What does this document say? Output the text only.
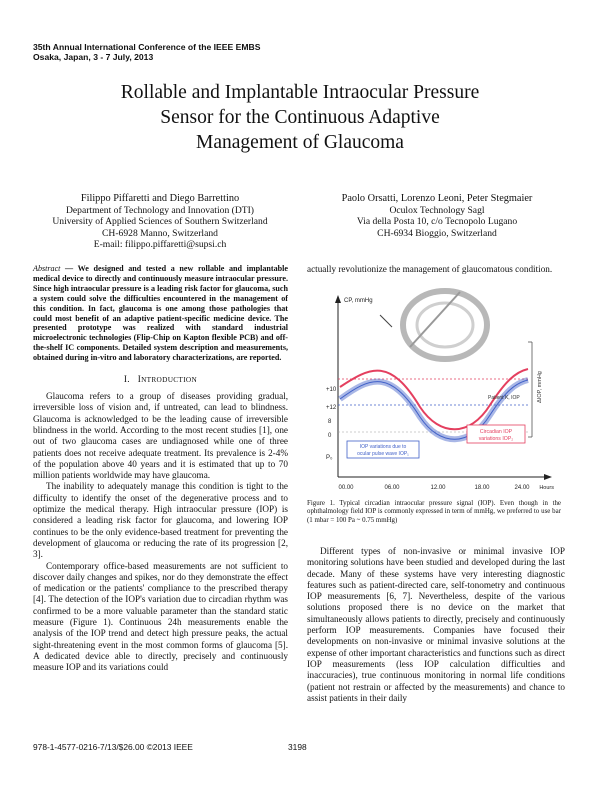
35th Annual International Conference of the IEEE EMBS
Osaka, Japan, 3 - 7 July, 2013
Rollable and Implantable Intraocular Pressure
Sensor for the Continuous Adaptive
Management of Glaucoma
Filippo Piffaretti and Diego Barrettino
Department of Technology and Innovation (DTI)
University of Applied Sciences of Southern Switzerland
CH-6928 Manno, Switzerland
E-mail: filippo.piffaretti@supsi.ch
Paolo Orsatti, Lorenzo Leoni, Peter Stegmaier
Oculox Technology Sagl
Via della Posta 10, c/o Tecnopolo Lugano
CH-6934 Bioggio, Switzerland
Abstract — We designed and tested a new rollable and implantable medical device to directly and continuously measure intraocular pressure. Since high intraocular pressure is a leading risk factor for glaucoma, such a system could solve the difficulties encountered in the management of this condition. In fact, glaucoma is one among those pathologies that could most benefit of an adaptive patient-specific medicine device. The presented prototype was realized with standard industrial microelectronic technologies (Flip-Chip on Kapton flexible PCB) and off-the-shelf IC components. Detailed system description and measurements, obtained during in-vitro and laboratory characterizations, are reported.
I. INTRODUCTION

Glaucoma refers to a group of diseases providing gradual, irreversible loss of vision and, if untreated, can lead to blindness. Glaucoma is acknowledged to be the leading cause of irreversible blindness in the world. According to the most recent studies [1], one out of two glaucoma cases are undiagnosed while one of three patients does not receive adequate treatment. Its prevalence is 2-4% of the population above 40 years and it is estimated that up to 70 million patients worldwide may have glaucoma.

The inability to adequately manage this condition is tight to the difficulty to identify the onset of the degenerative process and to optimize the medical therapy. High intraocular pressure (IOP) is considered a leading risk factor for glaucoma, and lowering IOP continues to be the only evidence-based treatment for preventing the development of glaucoma or reducing the rate of its progression [2, 3].

Contemporary office-based measurements are not sufficient to discover daily changes and spikes, nor do they demonstrate the effect of medication or the patients' compliance to the prescribed therapy [4]. The detection of the IOP's variation due to circadian rhythm was confirmed to be a more valuable parameter than the standard static measure (Figure 1). Continuous 24h measurements enable the analysis of the IOP trend and detect high pressure peaks, the actual sight-threatening event in the most common forms of glaucoma [5]. A dedicated device able to directly, precisely and continuously measure IOP and its variations could

actually revolutionize the management of glaucomatous condition.
CP, mmHg
ΔIOP, mmHg
+10
+12
8
0
P₀
Patient K, IOP
Circadian IOP
variations IOP₂
IOP variations due to
ocular pulse wave IOP₁
00.00	06.00	12.00	18.00	24.00 Hours
Figure 1. Typical circadian intraocular pressure signal (IOP). Even though in the ophthalmology field IOP is commonly expressed in term of mmHg, we preferred to use bar (1 mbar = 100 Pa ~ 0.75 mmHg)

Different types of non-invasive or minimal invasive IOP monitoring solutions have been studied and developed during the last decade. Many of these systems have very interesting diagnostic features such as patient-directed care, self-tonometry and continuous IOP measurements [6, 7]. Nevertheless, despite of the various solutions proposed there is no device on the market that simultaneously allows patients to directly, precisely and continuously perform IOP measurements. Companies have focused their developments on non-invasive or minimal invasive solutions at the expense of other important characteristics and functions such as direct IOP measurements (less IOP calculation difficulties and inaccuracies), true continuous monitoring in normal life conditions (patient not restrain or affected by the measurements) and chance to assist patients in their daily

978-1-4577-0216-7/13/$26.00 ©2013 IEEE	3198
